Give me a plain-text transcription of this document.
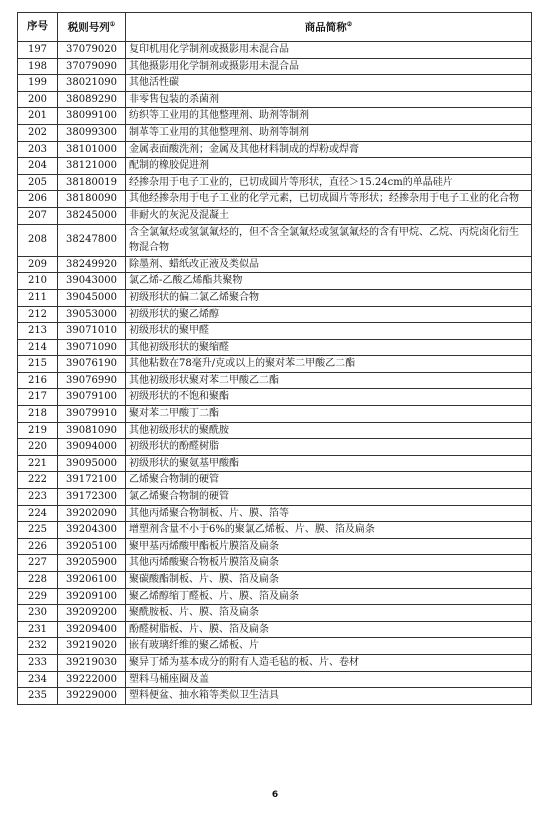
序号	税则号列①	商品简称②
197	37079020	复印机用化学制剂或摄影用未混合品
198	37079090	其他摄影用化学制剂或摄影用未混合品
199	38021090	其他活性碳
200	38089290	非零售包装的杀菌剂
201	38099100	纺织等工业用的其他整理剂、助剂等制剂
202	38099300	制革等工业用的其他整理剂、助剂等制剂
203	38101000	金属表面酸洗剂；金属及其他材料制成的焊粉或焊膏
204	38121000	配制的橡胶促进剂
205	38180019	经掺杂用于电子工业的，已切成圆片等形状，直径＞15.24cm的单晶硅片
206	38180090	其他经掺杂用于电子工业的化学元素，已切成圆片等形状；经掺杂用于电子工业的化合物
207	38245000	非耐火的灰泥及混凝土
208	38247800	含全氯氟烃或氢氯氟烃的，但不含全氯氟烃或氢氯氟烃的含有甲烷、乙烷、丙烷卤化衍生物混合物
209	38249920	除墨剂、蜡纸改正液及类似品
210	39043000	氯乙烯-乙酸乙烯酯共聚物
211	39045000	初级形状的偏二氯乙烯聚合物
212	39053000	初级形状的聚乙烯醇
213	39071010	初级形状的聚甲醛
214	39071090	其他初级形状的聚缩醛
215	39076190	其他粘数在78毫升/克或以上的聚对苯二甲酸乙二酯
216	39076990	其他初级形状聚对苯二甲酸乙二酯
217	39079100	初级形状的不饱和聚酯
218	39079910	聚对苯二甲酸丁二酯
219	39081090	其他初级形状的聚酰胺
220	39094000	初级形状的酚醛树脂
221	39095000	初级形状的聚氨基甲酸酯
222	39172100	乙烯聚合物制的硬管
223	39172300	氯乙烯聚合物制的硬管
224	39202090	其他丙烯聚合物制板、片、膜、箔等
225	39204300	增塑剂含量不小于6%的聚氯乙烯板、片、膜、箔及扁条
226	39205100	聚甲基丙烯酸甲酯板片膜箔及扁条
227	39205900	其他丙烯酸聚合物板片膜箔及扁条
228	39206100	聚碳酸酯制板、片、膜、箔及扁条
229	39209100	聚乙烯醇缩丁醛板、片、膜、箔及扁条
230	39209200	聚酰胺板、片、膜、箔及扁条
231	39209400	酚醛树脂板、片、膜、箔及扁条
232	39219020	嵌有玻璃纤维的聚乙烯板、片
233	39219030	聚异丁烯为基本成分的附有人造毛毡的板、片、卷材
234	39222000	塑料马桶座圈及盖
235	39229000	塑料便盆、抽水箱等类似卫生洁具
6
